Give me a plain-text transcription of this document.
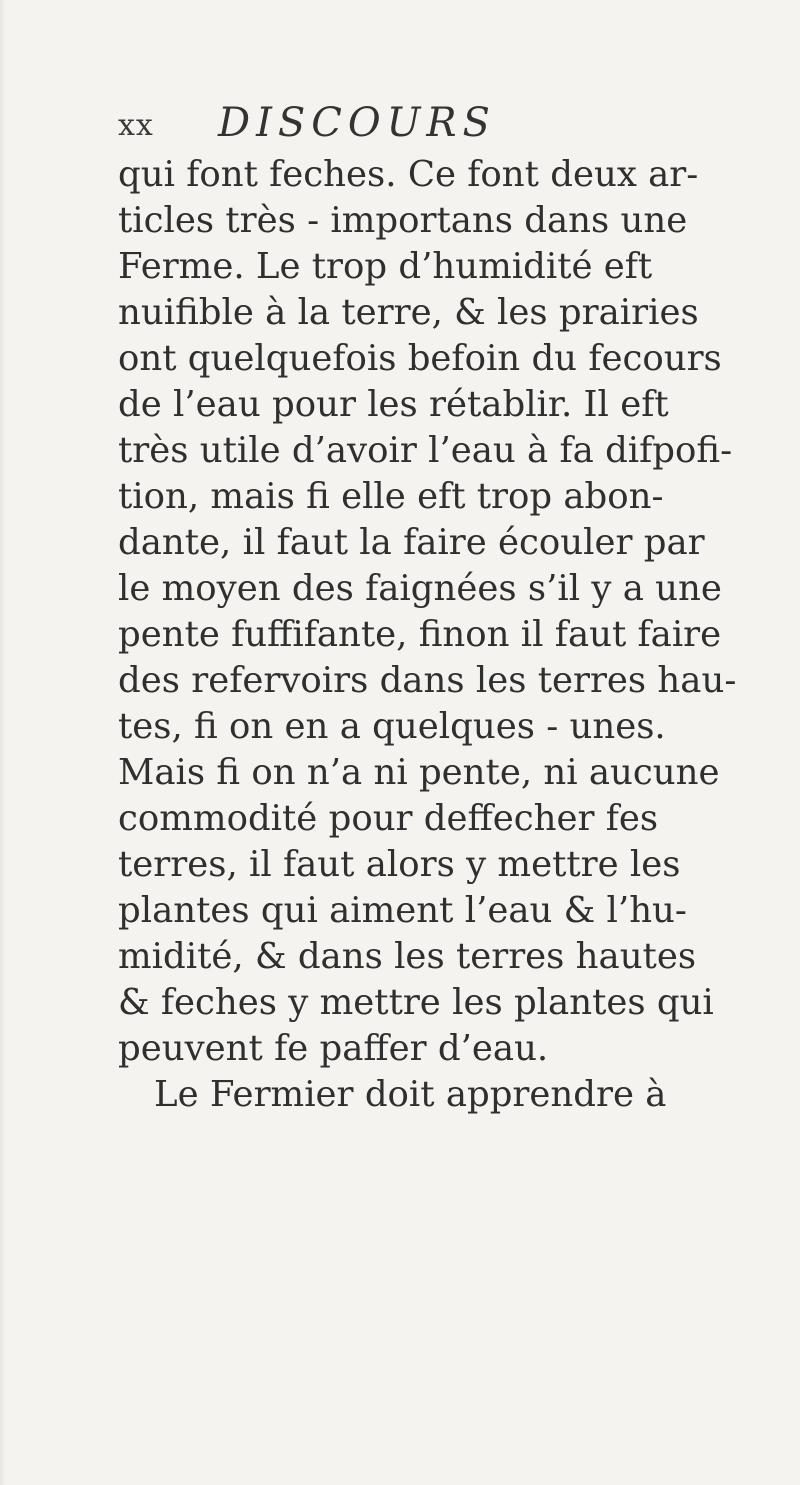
xx DISCOURS
qui font feches. Ce font deux ar-
ticles très - importans dans une
Ferme. Le trop d’humidité eft
nuifible à la terre, & les prairies
ont quelquefois befoin du fecours
de l’eau pour les rétablir. Il eft
très utile d’avoir l’eau à fa difpofi-
tion, mais fi elle eft trop abon-
dante, il faut la faire écouler par
le moyen des faignées s’il y a une
pente fuffifante, finon il faut faire
des refervoirs dans les terres hau-
tes, fi on en a quelques - unes.
Mais fi on n’a ni pente, ni aucune
commodité pour deffecher fes
terres, il faut alors y mettre les
plantes qui aiment l’eau & l’hu-
midité, & dans les terres hautes
& feches y mettre les plantes qui
peuvent fe paffer d’eau.
Le Fermier doit apprendre à
